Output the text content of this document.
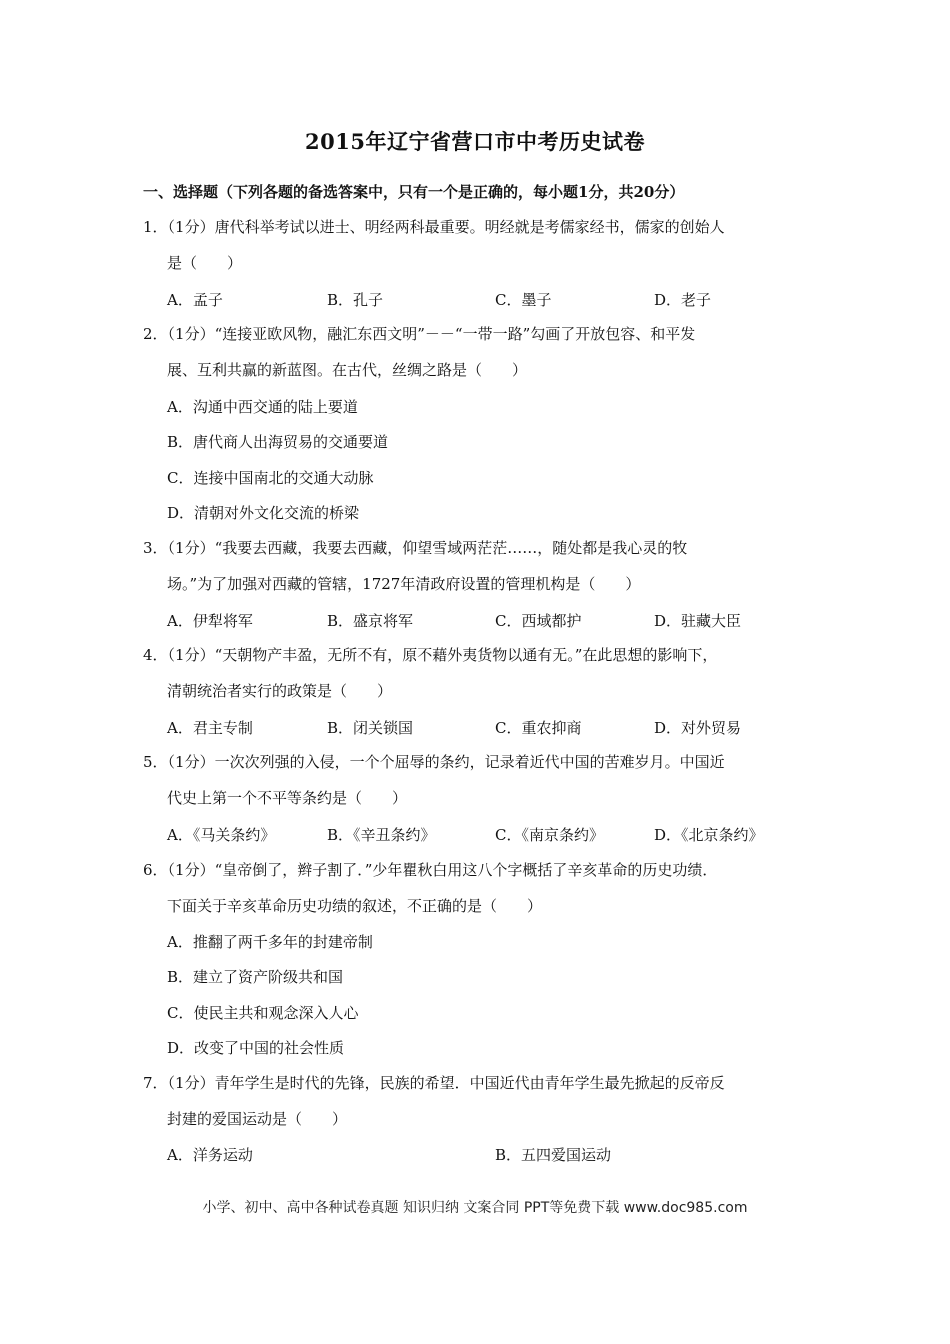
2015年辽宁省营口市中考历史试卷
一、选择题（下列各题的备选答案中，只有一个是正确的，每小题1分，共20分）
1．（1分）唐代科举考试以进士、明经两科最重要。明经就是考儒家经书，儒家的创始人
是（　　）
A．孟子	B．孔子	C．墨子	D．老子
2．（1分）“连接亚欧风物，融汇东西文明”－－“一带一路”勾画了开放包容、和平发
展、互利共赢的新蓝图。在古代，丝绸之路是（　　）
A．沟通中西交通的陆上要道
B．唐代商人出海贸易的交通要道
C．连接中国南北的交通大动脉
D．清朝对外文化交流的桥梁
3．（1分）“我要去西藏，我要去西藏，仰望雪域两茫茫……，随处都是我心灵的牧
场。”为了加强对西藏的管辖，1727年清政府设置的管理机构是（　　）
A．伊犁将军	B．盛京将军	C．西域都护	D．驻藏大臣
4．（1分）“天朝物产丰盈，无所不有，原不藉外夷货物以通有无。”在此思想的影响下，
清朝统治者实行的政策是（　　）
A．君主专制	B．闭关锁国	C．重农抑商	D．对外贸易
5．（1分）一次次列强的入侵，一个个屈辱的条约，记录着近代中国的苦难岁月。中国近
代史上第一个不平等条约是（　　）
A．《马关条约》	B．《辛丑条约》	C．《南京条约》	D．《北京条约》
6．（1分）“皇帝倒了，辫子割了．”少年瞿秋白用这八个字概括了辛亥革命的历史功绩．
下面关于辛亥革命历史功绩的叙述，不正确的是（　　）
A．推翻了两千多年的封建帝制
B．建立了资产阶级共和国
C．使民主共和观念深入人心
D．改变了中国的社会性质
7．（1分）青年学生是时代的先锋，民族的希望．中国近代由青年学生最先掀起的反帝反
封建的爱国运动是（　　）
A．洋务运动	B．五四爱国运动
小学、初中、高中各种试卷真题 知识归纳 文案合同 PPT等免费下载 www.doc985.com
